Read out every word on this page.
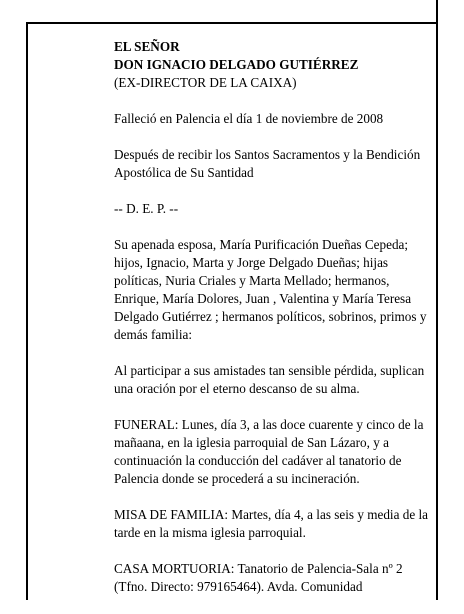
EL SEÑOR

DON IGNACIO DELGADO GUTIÉRREZ

(EX-DIRECTOR DE LA CAIXA)

Falleció en Palencia el día 1 de noviembre de 2008

Después de recibir los Santos Sacramentos y la Bendición Apostólica de Su Santidad

-- D. E. P. --

Su apenada esposa, María Purificación Dueñas Cepeda; hijos, Ignacio, Marta y Jorge Delgado Dueñas; hijas políticas, Nuria Criales y Marta Mellado; hermanos, Enrique, María Dolores, Juan , Valentina y María Teresa Delgado Gutiérrez ; hermanos políticos, sobrinos, primos y demás familia:

Al participar a sus amistades tan sensible pérdida, suplican una oración por el eterno descanso de su alma.

FUNERAL: Lunes, día 3, a las doce cuarente y cinco de la mañaana, en la iglesia parroquial de San Lázaro, y a continuación la conducción del cadáver al tanatorio de Palencia donde se procederá a su incineración.

MISA DE FAMILIA: Martes, día 4, a las seis y media de la tarde en la misma iglesia parroquial.

CASA MORTUORIA: Tanatorio de Palencia-Sala nº 2 (Tfno. Directo: 979165464). Avda. Comunidad
